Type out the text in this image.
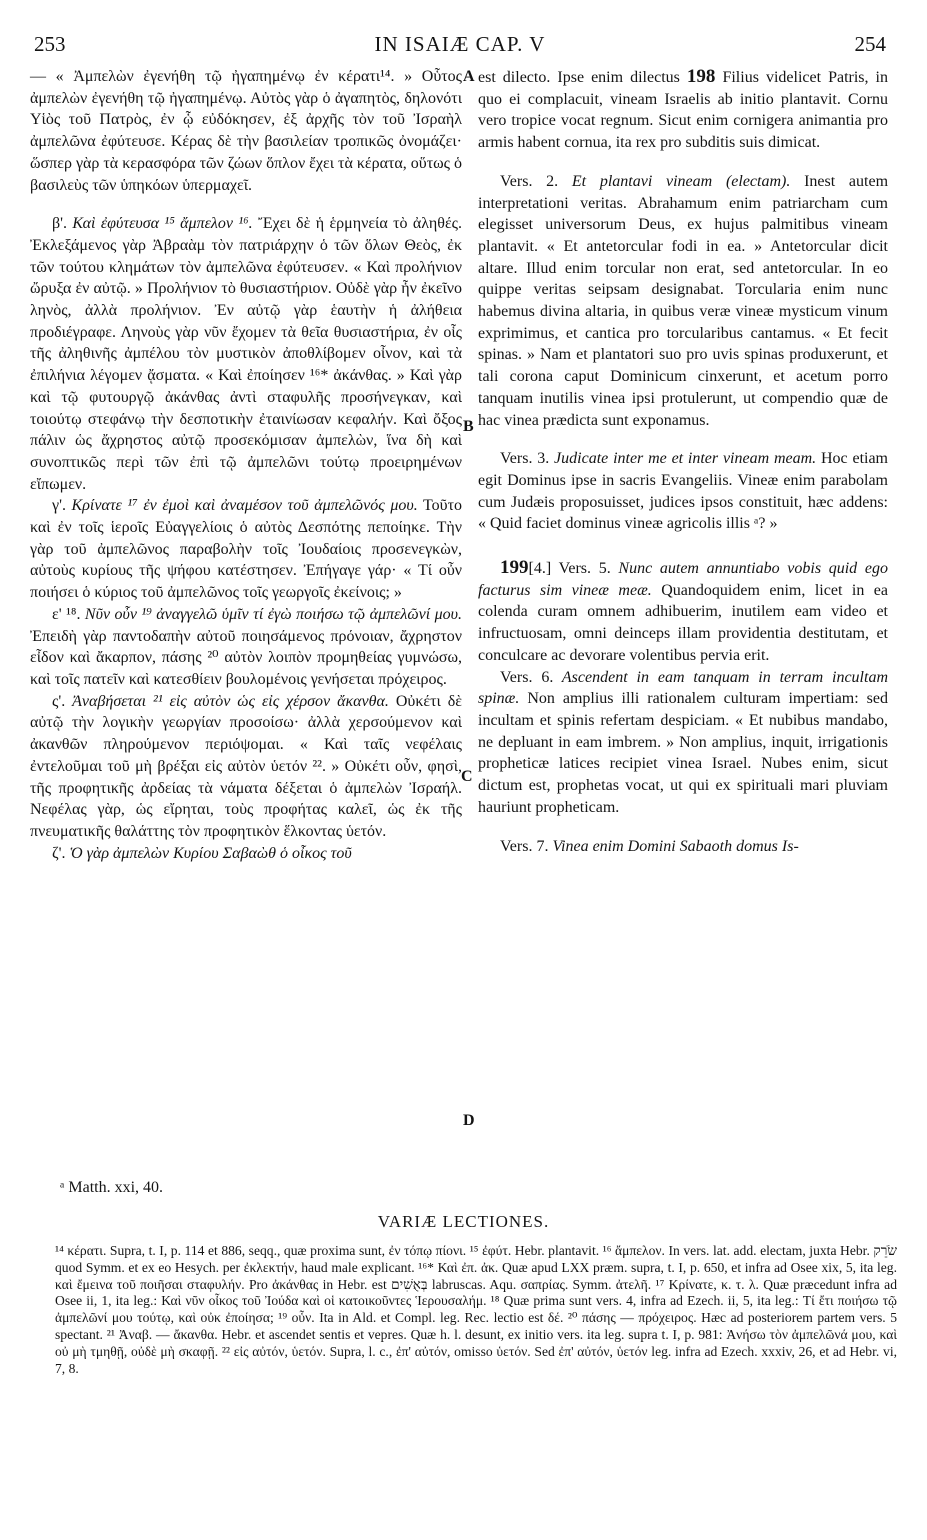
253	IN ISAIÆ CAP. V	254

— « Ἀμπελὼν ἐγενήθη τῷ ἠγαπημένῳ ἐν κέρατι¹⁴. » Οὗτος ἀμπελὼν ἐγενήθη τῷ ἠγαπημένῳ. Αὐτὸς γὰρ ὁ ἀγαπητὸς, δηλονότι Υἱὸς τοῦ Πατρὸς, ἐν ᾧ εὐδόκησεν, ἐξ ἀρχῆς τὸν τοῦ Ἰσραὴλ ἀμπελῶνα ἐφύτευσε. Κέρας δὲ τὴν βασιλείαν τροπικῶς ὀνομάζει· ὥσπερ γὰρ τὰ κερασφόρα τῶν ζώων ὅπλον ἔχει τὰ κέρατα, οὕτως ὁ βασιλεὺς τῶν ὑπηκόων ὑπερμαχεῖ.

β'. Καὶ ἐφύτευσα ¹⁵ ἄμπελον ¹⁶. Ἔχει δὲ ἡ ἑρμηνεία τὸ ἀληθές. Ἐκλεξάμενος γὰρ Ἀβραὰμ τὸν πατριάρχην ὁ τῶν ὅλων Θεὸς, ἐκ τῶν τούτου κλημάτων τὸν ἀμπελῶνα ἐφύτευσεν. « Καὶ προλήνιον ὤρυξα ἐν αὐτῷ. » Προλήνιον τὸ θυσιαστήριον. Οὐδὲ γὰρ ἦν ἐκεῖνο ληνὸς, ἀλλὰ προλήνιον. Ἐν αὐτῷ γὰρ ἑαυτὴν ἡ ἀλήθεια προδιέγραφε. Ληνοὺς γὰρ νῦν ἔχομεν τὰ θεῖα θυσιαστήρια, ἐν οἷς τῆς ἀληθινῆς ἀμπέλου τὸν μυστικὸν ἀποθλίβομεν οἶνον, καὶ τὰ ἐπιλήνια λέγομεν ᾄσματα. « Καὶ ἐποίησεν ¹⁶* ἀκάνθας. » Καὶ γὰρ καὶ τῷ φυτουργῷ ἀκάνθας ἀντὶ σταφυλῆς προσήνεγκαν, καὶ τοιούτῳ στεφάνῳ τὴν δεσποτικὴν ἐταινίωσαν κεφαλήν. Καὶ ὄξος πάλιν ὡς ἄχρηστος αὐτῷ προσεκόμισαν ἀμπελὼν, ἵνα δὴ καὶ συνοπτικῶς περὶ τῶν ἐπὶ τῷ ἀμπελῶνι τούτῳ προειρημένων εἴπωμεν.

γ'. Κρίνατε ¹⁷ ἐν ἐμοὶ καὶ ἀναμέσον τοῦ ἀμπελῶνός μου. Τοῦτο καὶ ἐν τοῖς ἱεροῖς Εὐαγγελίοις ὁ αὐτὸς Δεσπότης πεποίηκε. Τὴν γὰρ τοῦ ἀμπελῶνος παραβολὴν τοῖς Ἰουδαίοις προσενεγκὼν, αὐτοὺς κυρίους τῆς ψήφου κατέστησεν. Ἐπήγαγε γάρ· « Τί οὖν ποιήσει ὁ κύριος τοῦ ἀμπελῶνος τοῖς γεωργοῖς ἐκείνοις; »

ε' ¹⁸. Νῦν οὖν ¹⁹ ἀναγγελῶ ὑμῖν τί ἐγὼ ποιήσω τῷ ἀμπελῶνί μου. Ἐπειδὴ γὰρ παντοδαπὴν αὐτοῦ ποιησάμενος πρόνοιαν, ἄχρηστον εἶδον καὶ ἄκαρπον, πάσης ²⁰ αὐτὸν λοιπὸν προμηθείας γυμνώσω, καὶ τοῖς πατεῖν καὶ κατεσθίειν βουλομένοις γενήσεται πρόχειρος.

ς'. Ἀναβήσεται ²¹ εἰς αὐτὸν ὡς εἰς χέρσον ἄκανθα. Οὐκέτι δὲ αὐτῷ τὴν λογικὴν γεωργίαν προσοίσω· ἀλλὰ χερσούμενον καὶ ἀκανθῶν πληρούμενον περιόψομαι. « Καὶ ταῖς νεφέλαις ἐντελοῦμαι τοῦ μὴ βρέξαι εἰς αὐτὸν ὑετόν ²². » Οὐκέτι οὖν, φησὶ, τῆς προφητικῆς ἀρδείας τὰ νάματα δέξεται ὁ ἀμπελὼν Ἰσραήλ. Νεφέλας γὰρ, ὡς εἴρηται, τοὺς προφήτας καλεῖ, ὡς ἐκ τῆς πνευματικῆς θαλάττης τὸν προφητικὸν ἕλκοντας ὑετόν.

ζ'. Ὁ γὰρ ἀμπελὼν Κυρίου Σαβαὼθ ὁ οἶκος τοῦ

est dilecto. Ipse enim dilectus 198 Filius videlicet Patris, in quo ei complacuit, vineam Israelis ab initio plantavit. Cornu vero tropice vocat regnum. Sicut enim cornigera animantia pro armis habent cornua, ita rex pro subditis suis dimicat.

Vers. 2. Et plantavi vineam (electam). Inest autem interpretationi veritas. Abrahamum enim patriarcham cum elegisset universorum Deus, ex hujus palmitibus vineam plantavit. « Et antetorcular fodi in ea. » Antetorcular dicit altare. Illud enim torcular non erat, sed antetorcular. In eo quippe veritas seipsam designabat. Torcularia enim nunc habemus divina altaria, in quibus veræ vineæ mysticum vinum exprimimus, et cantica pro torcularibus cantamus. « Et fecit spinas. » Nam et plantatori suo pro uvis spinas produxerunt, et tali corona caput Dominicum cinxerunt, et acetum porro tanquam inutilis vinea ipsi protulerunt, ut compendio quæ de hac vinea prædicta sunt exponamus.

Vers. 3. Judicate inter me et inter vineam meam. Hoc etiam egit Dominus ipse in sacris Evangeliis. Vineæ enim parabolam cum Judæis proposuisset, judices ipsos constituit, hæc addens: « Quid faciet dominus vineæ agricolis illis ᵃ? »

199[4.] Vers. 5. Nunc autem annuntiabo vobis quid ego facturus sim vineæ meæ. Quandoquidem enim, licet in ea colenda curam omnem adhibuerim, inutilem eam video et infructuosam, omni deinceps illam providentia destitutam, et conculcare ac devorare volentibus pervia erit.

Vers. 6. Ascendent in eam tanquam in terram incultam spinæ. Non amplius illi rationalem culturam impertiam: sed incultam et spinis refertam despiciam. « Et nubibus mandabo, ne depluant in eam imbrem. » Non amplius, inquit, irrigationis propheticæ latices recipiet vinea Israel. Nubes enim, sicut dictum est, prophetas vocat, ut qui ex spirituali mari pluviam hauriunt propheticam.

Vers. 7. Vinea enim Domini Sabaoth domus Is-

A
B
C
D
ᵃ Matth. xxi, 40.
VARIÆ LECTIONES.

¹⁴ κέρατι. Supra, t. I, p. 114 et 886, seqq., quæ proxima sunt, ἐν τόπῳ πίονι. ¹⁵ ἐφύτ. Hebr. plantavit. ¹⁶ ἄμπελον. In vers. lat. add. electam, juxta Hebr. שֹׂרֵק quod Symm. et ex eo Hesych. per ἐκλεκτήν, haud male explicant. ¹⁶* Καὶ ἐπ. ἀκ. Quæ apud LXX præm. supra, t. I, p. 650, et infra ad Osee xix, 5, ita leg. καὶ ἔμεινα τοῦ ποιῆσαι σταφυλήν. Pro ἀκάνθας in Hebr. est בְּאֻשִׁים labruscas. Aqu. σαπρίας. Symm. ἀτελῆ. ¹⁷ Κρίνατε, κ. τ. λ. Quæ præcedunt infra ad Osee ii, 1, ita leg.: Καὶ νῦν οἶκος τοῦ Ἰούδα καὶ οἱ κατοικοῦντες Ἱερουσαλήμ. ¹⁸ Quæ prima sunt vers. 4, infra ad Ezech. ii, 5, ita leg.: Τί ἔτι ποιήσω τῷ ἀμπελῶνί μου τούτῳ, καὶ οὐκ ἐποίησα; ¹⁹ οὖν. Ita in Ald. et Compl. leg. Rec. lectio est δέ. ²⁰ πάσης — πρόχειρος. Hæc ad posteriorem partem vers. 5 spectant. ²¹ Ἀναβ. — ἄκανθα. Hebr. et ascendet sentis et vepres. Quæ h. l. desunt, ex initio vers. ita leg. supra t. I, p. 981: Ἀνήσω τὸν ἀμπελῶνά μου, καὶ οὐ μὴ τμηθῇ, οὐδὲ μὴ σκαφῇ. ²² εἰς αὐτόν, ὑετόν. Supra, l. c., ἐπ' αὐτόν, omisso ὑετόν. Sed ἐπ' αὐτόν, ὑετόν leg. infra ad Ezech. xxxiv, 26, et ad Hebr. vi, 7, 8.
